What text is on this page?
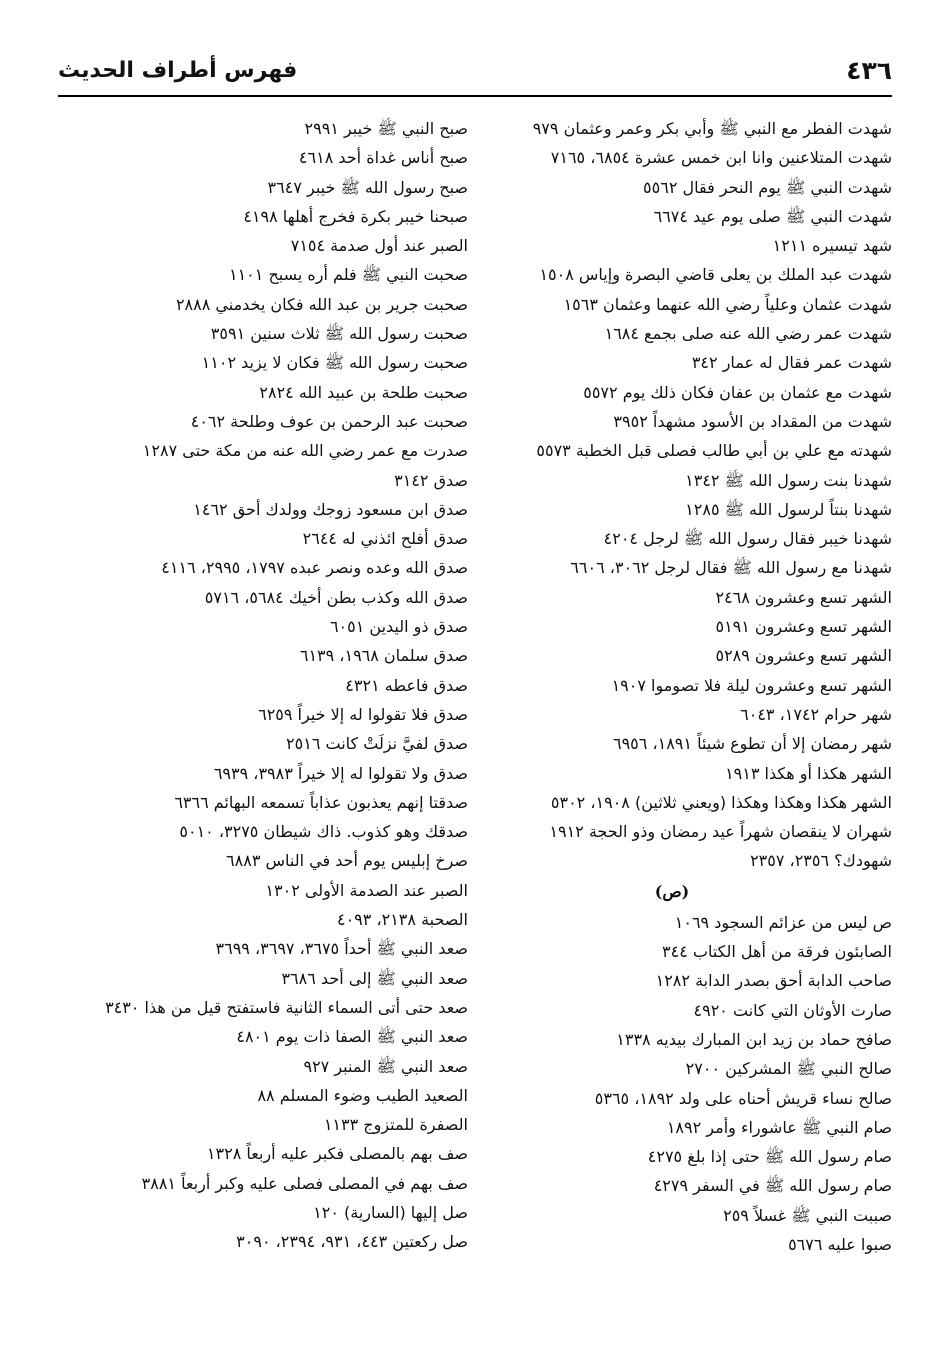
٤٣٦
فهرس أطراف الحديث
شهدت الفطر مع النبي ﷺ وأبي بكر وعمر وعثمان ٩٧٩
شهدت المتلاعنين وانا ابن خمس عشرة ٦٨٥٤، ٧١٦٥
شهدت النبي ﷺ يوم النحر فقال ٥٥٦٢
شهدت النبي ﷺ صلى يوم عيد ٦٦٧٤
شهد تيسيره ١٢١١
شهدت عبد الملك بن يعلى قاضي البصرة وإياس ١٥٠٨
شهدت عثمان وعلياً رضي الله عنهما وعثمان ١٥٦٣
شهدت عمر رضي الله عنه صلى بجمع ١٦٨٤
شهدت عمر فقال له عمار ٣٤٢
شهدت مع عثمان بن عفان فكان ذلك يوم ٥٥٧٢
شهدت من المقداد بن الأسود مشهداً ٣٩٥٢
شهدته مع علي بن أبي طالب فصلى قبل الخطبة ٥٥٧٣
شهدنا بنت رسول الله ﷺ ١٣٤٢
شهدنا بنتاً لرسول الله ﷺ ١٢٨٥
شهدنا خيبر فقال رسول الله ﷺ لرجل ٤٢٠٤
شهدنا مع رسول الله ﷺ فقال لرجل ٣٠٦٢، ٦٦٠٦
الشهر تسع وعشرون ٢٤٦٨
الشهر تسع وعشرون ٥١٩١
الشهر تسع وعشرون ٥٢٨٩
الشهر تسع وعشرون ليلة فلا تصوموا ١٩٠٧
شهر حرام ١٧٤٢، ٦٠٤٣
شهر رمضان إلا أن تطوع شيئاً ١٨٩١، ٦٩٥٦
الشهر هكذا أو هكذا ١٩١٣
الشهر هكذا وهكذا وهكذا (ويعني ثلاثين) ١٩٠٨، ٥٣٠٢
شهران لا ينقصان شهراً عيد رمضان وذو الحجة ١٩١٢
شهودك؟ ٢٣٥٦، ٢٣٥٧
(ص)
ص ليس من عزائم السجود ١٠٦٩
الصابئون فرقة من أهل الكتاب ٣٤٤
صاحب الدابة أحق بصدر الدابة ١٢٨٢
صارت الأوثان التي كانت ٤٩٢٠
صافح حماد بن زيد ابن المبارك بيديه ١٣٣٨
صالح النبي ﷺ المشركين ٢٧٠٠
صالح نساء قريش أحناه على ولد ١٨٩٢، ٥٣٦٥
صام النبي ﷺ عاشوراء وأمر ١٨٩٢
صام رسول الله ﷺ حتى إذا بلغ ٤٢٧٥
صام رسول الله ﷺ في السفر ٤٢٧٩
صببت النبي ﷺ غسلاً ٢٥٩
صبوا عليه ٥٦٧٦
صبح النبي ﷺ خيبر ٢٩٩١
صبح أناس غداة أحد ٤٦١٨
صبح رسول الله ﷺ خيبر ٣٦٤٧
صبحنا خيبر بكرة فخرج أهلها ٤١٩٨
الصبر عند أول صدمة ٧١٥٤
صحبت النبي ﷺ فلم أره يسبح ١١٠١
صحبت جرير بن عبد الله فكان يخدمني ٢٨٨٨
صحبت رسول الله ﷺ ثلاث سنين ٣٥٩١
صحبت رسول الله ﷺ فكان لا يزيد ١١٠٢
صحبت طلحة بن عبيد الله ٢٨٢٤
صحبت عبد الرحمن بن عوف وطلحة ٤٠٦٢
صدرت مع عمر رضي الله عنه من مكة حتى ١٢٨٧
صدق ٣١٤٢
صدق ابن مسعود زوجك وولدك أحق ١٤٦٢
صدق أفلح ائذني له ٢٦٤٤
صدق الله وعده ونصر عبده ١٧٩٧، ٢٩٩٥، ٤١١٦
صدق الله وكذب بطن أخيك ٥٦٨٤، ٥٧١٦
صدق ذو اليدين ٦٠٥١
صدق سلمان ١٩٦٨، ٦١٣٩
صدق فاعطه ٤٣٢١
صدق فلا تقولوا له إلا خيراً ٦٢٥٩
صدق لفيَّ نزلَتْ كانت ٢٥١٦
صدق ولا تقولوا له إلا خيراً ٣٩٨٣، ٦٩٣٩
صدقتا إنهم يعذبون عذاباً تسمعه البهائم ٦٣٦٦
صدقك وهو كذوب. ذاك شيطان ٣٢٧٥، ٥٠١٠
صرخ إبليس يوم أحد في الناس ٦٨٨٣
الصبر عند الصدمة الأولى ١٣٠٢
الصحبة ٢١٣٨، ٤٠٩٣
صعد النبي ﷺ أحداً ٣٦٧٥، ٣٦٩٧، ٣٦٩٩
صعد النبي ﷺ إلى أحد ٣٦٨٦
صعد حتى أتى السماء الثانية فاستفتح قيل من هذا ٣٤٣٠
صعد النبي ﷺ الصفا ذات يوم ٤٨٠١
صعد النبي ﷺ المنبر ٩٢٧
الصعيد الطيب وضوء المسلم ٨٨
الصفرة للمتزوج ١١٣٣
صف بهم بالمصلى فكبر عليه أربعاً ١٣٢٨
صف بهم في المصلى فصلى عليه وكبر أربعاً ٣٨٨١
صل إليها (السارية) ١٢٠
صل ركعتين ٤٤٣، ٩٣١، ٢٣٩٤، ٣٠٩٠
